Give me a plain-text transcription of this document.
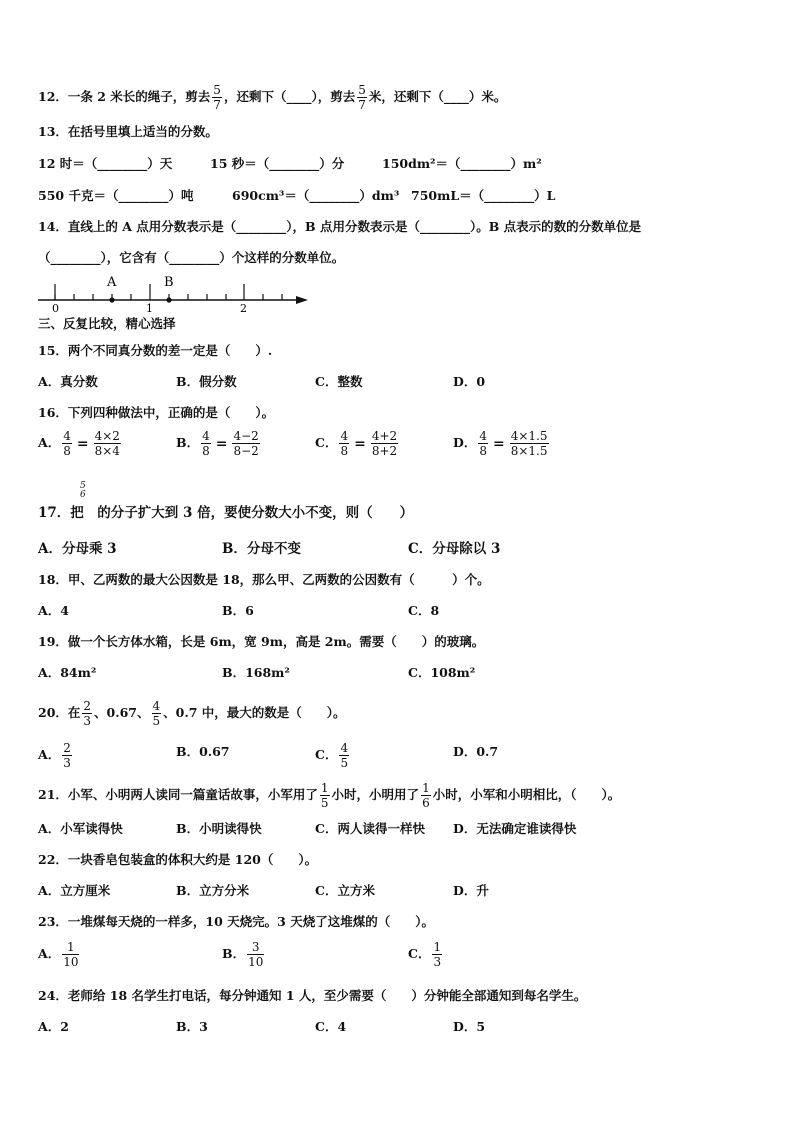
12．一条 2 米长的绳子，剪去 $\frac{5}{7}$ ，还剩下（____），剪去 $\frac{5}{7}$ 米，还剩下（____）米。
13．在括号里填上适当的分数。
12 时＝（________）天	15 秒＝（________）分	150dm²＝（________）m²
550 千克＝（________）吨	690cm³＝（________）dm³ 750mL＝（________）L
14．直线上的 A 点用分数表示是（________），B 点用分数表示是（________）。B 点表示的数的分数单位是
（________），它含有（________）个这样的分数单位。
A	B
0	1	2
三、反复比较，精心选择
15．两个不同真分数的差一定是（　　）.
A．真分数	B．假分数	C．整数	D．0
16．下列四种做法中，正确的是（　　）。
A． $\frac{4}{8} = \frac{4\times 2}{8\times 4}$	B． $\frac{4}{8} = \frac{4-2}{8-2}$	C． $\frac{4}{8} = \frac{4+2}{8+2}$	D． $\frac{4}{8} = \frac{4\times 1.5}{8\times 1.5}$
5
6
17．把　的分子扩大到 3 倍，要使分数大小不变，则（　　）
A．分母乘 3	B．分母不变	C．分母除以 3
18．甲、乙两数的最大公因数是 18，那么甲、乙两数的公因数有（　　　）个。
A．4	B．6	C．8
19．做一个长方体水箱，长是 6m，宽 9m，高是 2m。需要（　　）的玻璃。
A．84m²	B．168m²	C．108m²
20．在 $\frac{2}{3}$ 、0.67、 $\frac{4}{5}$ 、0.7 中，最大的数是（　　）。
A． $\frac{2}{3}$	B．0.67	C． $\frac{4}{5}$	D．0.7
21．小军、小明两人读同一篇童话故事，小军用了 $\frac{1}{5}$ 小时，小明用了 $\frac{1}{6}$ 小时，小军和小明相比，（　　）。
A．小军读得快	B．小明读得快	C．两人读得一样快 D．无法确定谁读得快
22．一块香皂包装盒的体积大约是 120（　　）。
A．立方厘米	B．立方分米	C．立方米	D．升
23．一堆煤每天烧的一样多，10 天烧完。3 天烧了这堆煤的（　　）。
A． $\frac{1}{10}$	B． $\frac{3}{10}$	C． $\frac{1}{3}$
24．老师给 18 名学生打电话，每分钟通知 1 人，至少需要（　　）分钟能全部通知到每名学生。
A．2	B．3	C．4	D．5
